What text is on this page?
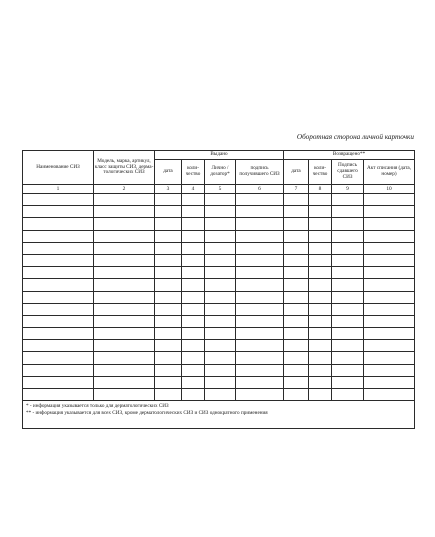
Оборотная сторона личной карточки
Наименование СИЗ	Модель, марка, артикул, класс защиты СИЗ, дерма-тологических СИЗ	Выдано				Возвращено**			
		дата	коли-чество	Лично / дозатор*	подпись получившего СИЗ	дата	коли-чество	Подпись сдавшего СИЗ	Акт списания (дата, номер)
1	2	3	4	5	6	7	8	9	10

* - информация указывается только для дерматологических СИЗ
** - информация указывается для всех СИЗ, кроме дерматологических СИЗ и СИЗ однократного применения									
